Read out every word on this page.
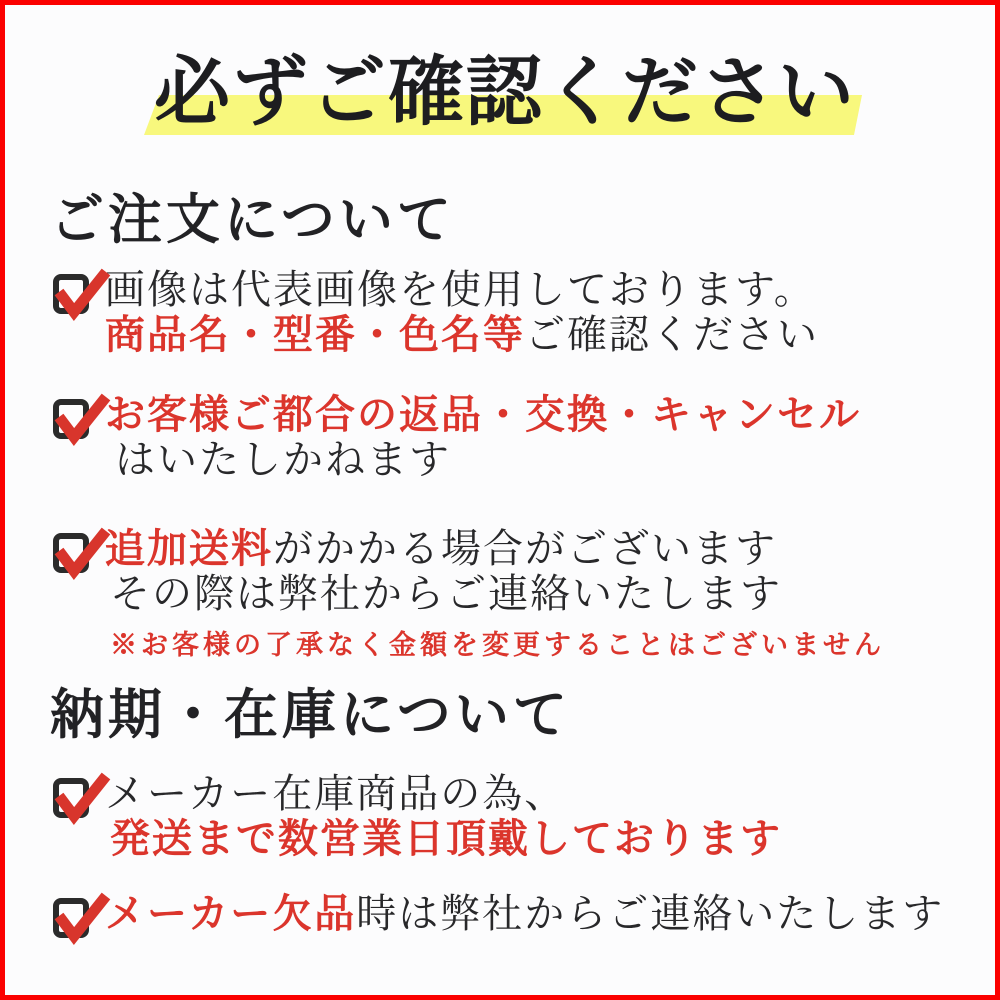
必ずご確認ください
ご注文について

画像は代表画像を使用しております。

商品名・型番・色名等ご確認ください

お客様ご都合の返品・交換・キャンセル

はいたしかねます

追加送料がかかる場合がございます

その際は弊社からご連絡いたします

※お客様の了承なく金額を変更することはございません

納期・在庫について

メーカー在庫商品の為、

発送まで数営業日頂戴しております

メーカー欠品時は弊社からご連絡いたします
